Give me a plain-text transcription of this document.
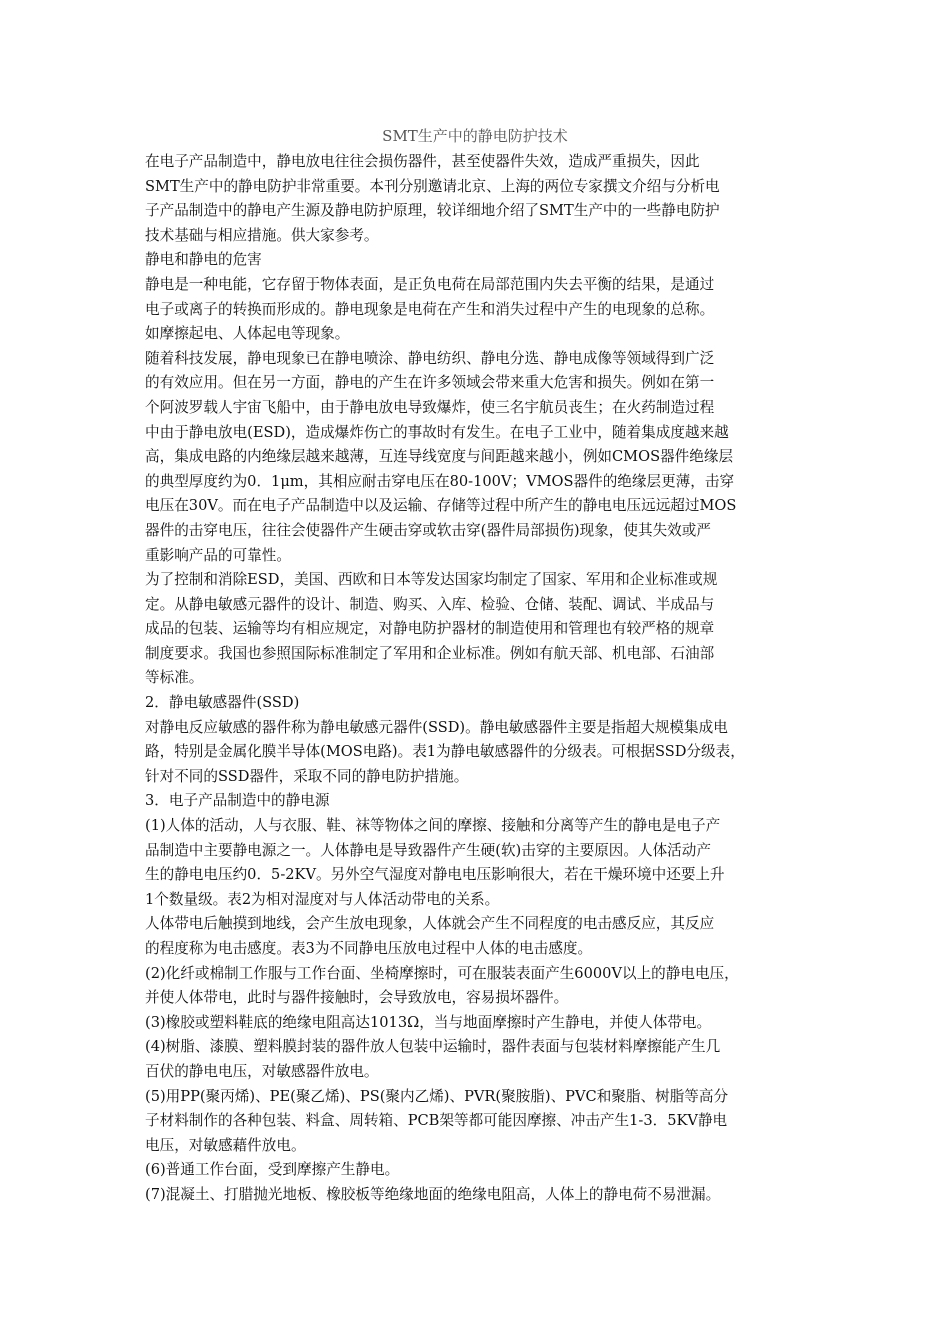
SMT生产中的静电防护技术
在电子产品制造中，静电放电往往会损伤器件，甚至使器件失效，造成严重损失，因此
SMT生产中的静电防护非常重要。本刊分别邀请北京、上海的两位专家撰文介绍与分析电
子产品制造中的静电产生源及静电防护原理，较详细地介绍了SMT生产中的一些静电防护
技术基础与相应措施。供大家参考。
静电和静电的危害
静电是一种电能，它存留于物体表面，是正负电荷在局部范围内失去平衡的结果，是通过
电子或离子的转换而形成的。静电现象是电荷在产生和消失过程中产生的电现象的总称。
如摩擦起电、人体起电等现象。
随着科技发展，静电现象已在静电喷涂、静电纺织、静电分选、静电成像等领域得到广泛
的有效应用。但在另一方面，静电的产生在许多领域会带来重大危害和损失。例如在第一
个阿波罗载人宇宙飞船中，由于静电放电导致爆炸，使三名宇航员丧生；在火药制造过程
中由于静电放电(ESD)，造成爆炸伤亡的事故时有发生。在电子工业中，随着集成度越来越
高，集成电路的内绝缘层越来越薄，互连导线宽度与间距越来越小，例如CMOS器件绝缘层
的典型厚度约为0．1μm，其相应耐击穿电压在80-100V；VMOS器件的绝缘层更薄，击穿
电压在30V。而在电子产品制造中以及运输、存储等过程中所产生的静电电压远远超过MOS
器件的击穿电压，往往会使器件产生硬击穿或软击穿(器件局部损伤)现象，使其失效或严
重影响产品的可靠性。
为了控制和消除ESD，美国、西欧和日本等发达国家均制定了国家、军用和企业标准或规
定。从静电敏感元器件的设计、制造、购买、入库、检验、仓储、装配、调试、半成品与
成品的包装、运输等均有相应规定，对静电防护器材的制造使用和管理也有较严格的规章
制度要求。我国也参照国际标准制定了军用和企业标准。例如有航天部、机电部、石油部
等标准。
2．静电敏感器件(SSD)
对静电反应敏感的器件称为静电敏感元器件(SSD)。静电敏感器件主要是指超大规模集成电
路，特别是金属化膜半导体(MOS电路)。表1为静电敏感器件的分级表。可根据SSD分级表，
针对不同的SSD器件，采取不同的静电防护措施。
3．电子产品制造中的静电源
(1)人体的活动，人与衣服、鞋、袜等物体之间的摩擦、接触和分离等产生的静电是电子产
品制造中主要静电源之一。人体静电是导致器件产生硬(软)击穿的主要原因。人体活动产
生的静电电压约0．5-2KV。另外空气湿度对静电电压影响很大，若在干燥环境中还要上升
1个数量级。表2为相对湿度对与人体活动带电的关系。
人体带电后触摸到地线，会产生放电现象，人体就会产生不同程度的电击感反应，其反应
的程度称为电击感度。表3为不同静电压放电过程中人体的电击感度。
(2)化纤或棉制工作服与工作台面、坐椅摩擦时，可在服装表面产生6000V以上的静电电压，
并使人体带电，此时与器件接触时，会导致放电，容易损坏器件。
(3)橡胶或塑料鞋底的绝缘电阻高达1013Ω，当与地面摩擦时产生静电，并使人体带电。
(4)树脂、漆膜、塑料膜封装的器件放人包装中运输时，器件表面与包装材料摩擦能产生几
百伏的静电电压，对敏感器件放电。
(5)用PP(聚丙烯)、PE(聚乙烯)、PS(聚内乙烯)、PVR(聚胺脂)、PVC和聚脂、树脂等高分
子材料制作的各种包装、料盒、周转箱、PCB架等都可能因摩擦、冲击产生1-3．5KV静电
电压，对敏感藉件放电。
(6)普通工作台面，受到摩擦产生静电。
(7)混凝土、打腊抛光地板、橡胶板等绝缘地面的绝缘电阻高，人体上的静电荷不易泄漏。
